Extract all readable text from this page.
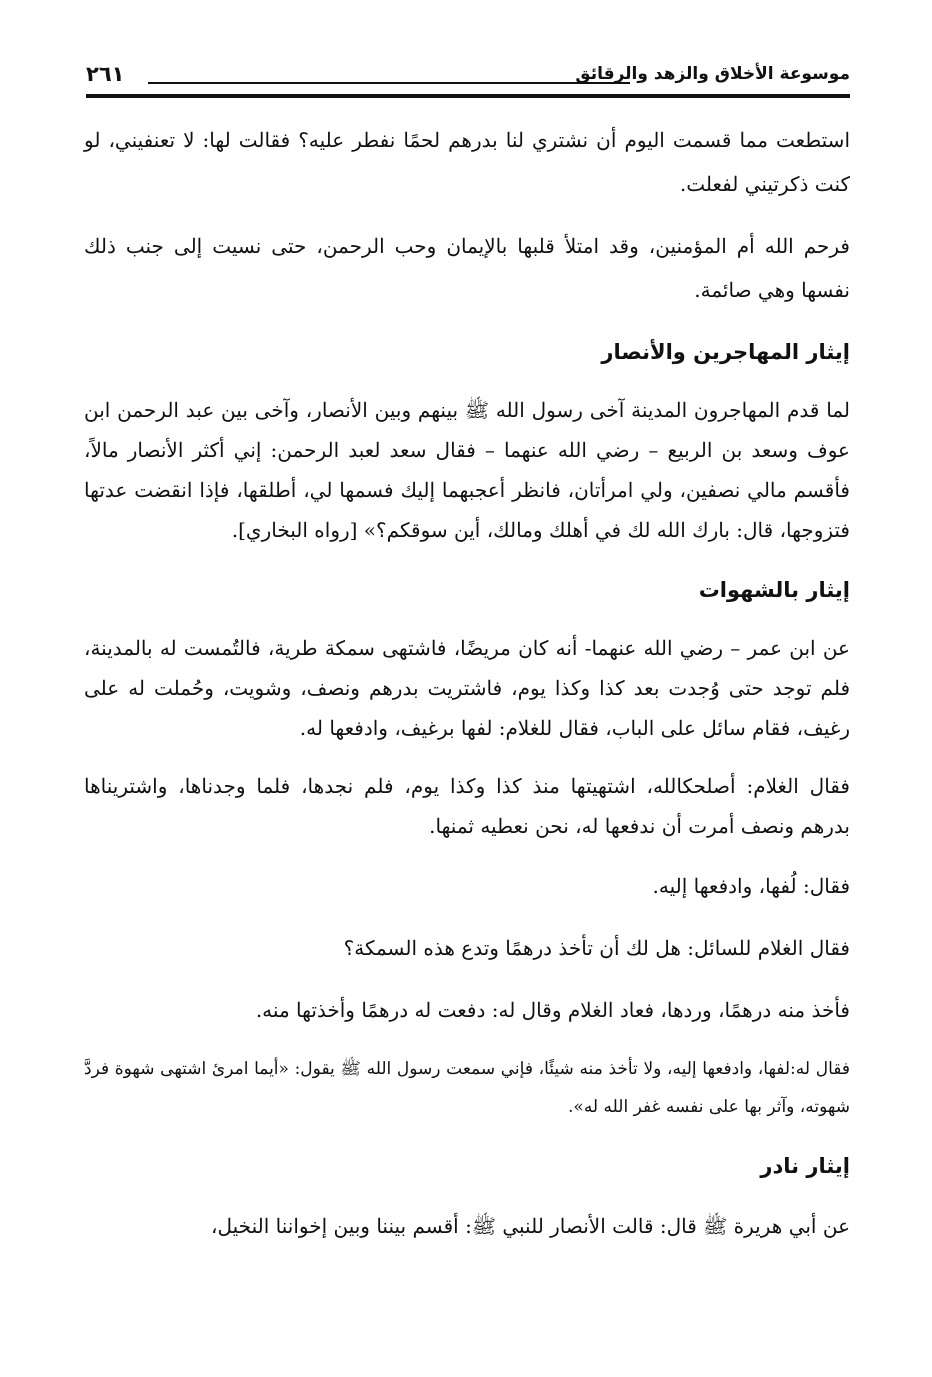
موسوعة الأخلاق والزهد والرقائق
٢٦١

استطعت مما قسمت اليوم أن نشتري لنا بدرهم لحمًا نفطر عليه؟ فقالت لها: لا تعنفيني، لو كنت ذكرتيني لفعلت.

فرحم الله أم المؤمنين، وقد امتلأ قلبها بالإيمان وحب الرحمن، حتى نسيت إلى جنب ذلك نفسها وهي صائمة.

إيثار المهاجرين والأنصار

لما قدم المهاجرون المدينة آخى رسول الله ﷺ بينهم وبين الأنصار، وآخى بين عبد الرحمن ابن عوف وسعد بن الربيع – رضي الله عنهما – فقال سعد لعبد الرحمن: إني أكثر الأنصار مالاً، فأقسم مالي نصفين، ولي امرأتان، فانظر أعجبهما إليك فسمها لي، أطلقها، فإذا انقضت عدتها فتزوجها، قال: بارك الله لك في أهلك ومالك، أين سوقكم؟» [رواه البخاري].

إيثار بالشهوات

عن ابن عمر – رضي الله عنهما- أنه كان مريضًا، فاشتهى سمكة طرية، فالتُمست له بالمدينة، فلم توجد حتى وُجدت بعد كذا وكذا يوم، فاشتريت بدرهم ونصف، وشويت، وحُملت له على رغيف، فقام سائل على الباب، فقال للغلام: لفها برغيف، وادفعها له.

فقال الغلام: أصلحكالله، اشتهيتها منذ كذا وكذا يوم، فلم نجدها، فلما وجدناها، واشتريناها بدرهم ونصف أمرت أن ندفعها له، نحن نعطيه ثمنها.

فقال: لُفها، وادفعها إليه.

فقال الغلام للسائل: هل لك أن تأخذ درهمًا وتدع هذه السمكة؟

فأخذ منه درهمًا، وردها، فعاد الغلام وقال له: دفعت له درهمًا وأخذتها منه.

فقال له:لفها، وادفعها إليه، ولا تأخذ منه شيئًا، فإني سمعت رسول الله ﷺ يقول: «أيما امرئ اشتهى شهوة فردَّ شهوته، وآثر بها على نفسه غفر الله له».

إيثار نادر

عن أبي هريرة ﷺ قال: قالت الأنصار للنبي ﷺ: أقسم بيننا وبين إخواننا النخيل،
